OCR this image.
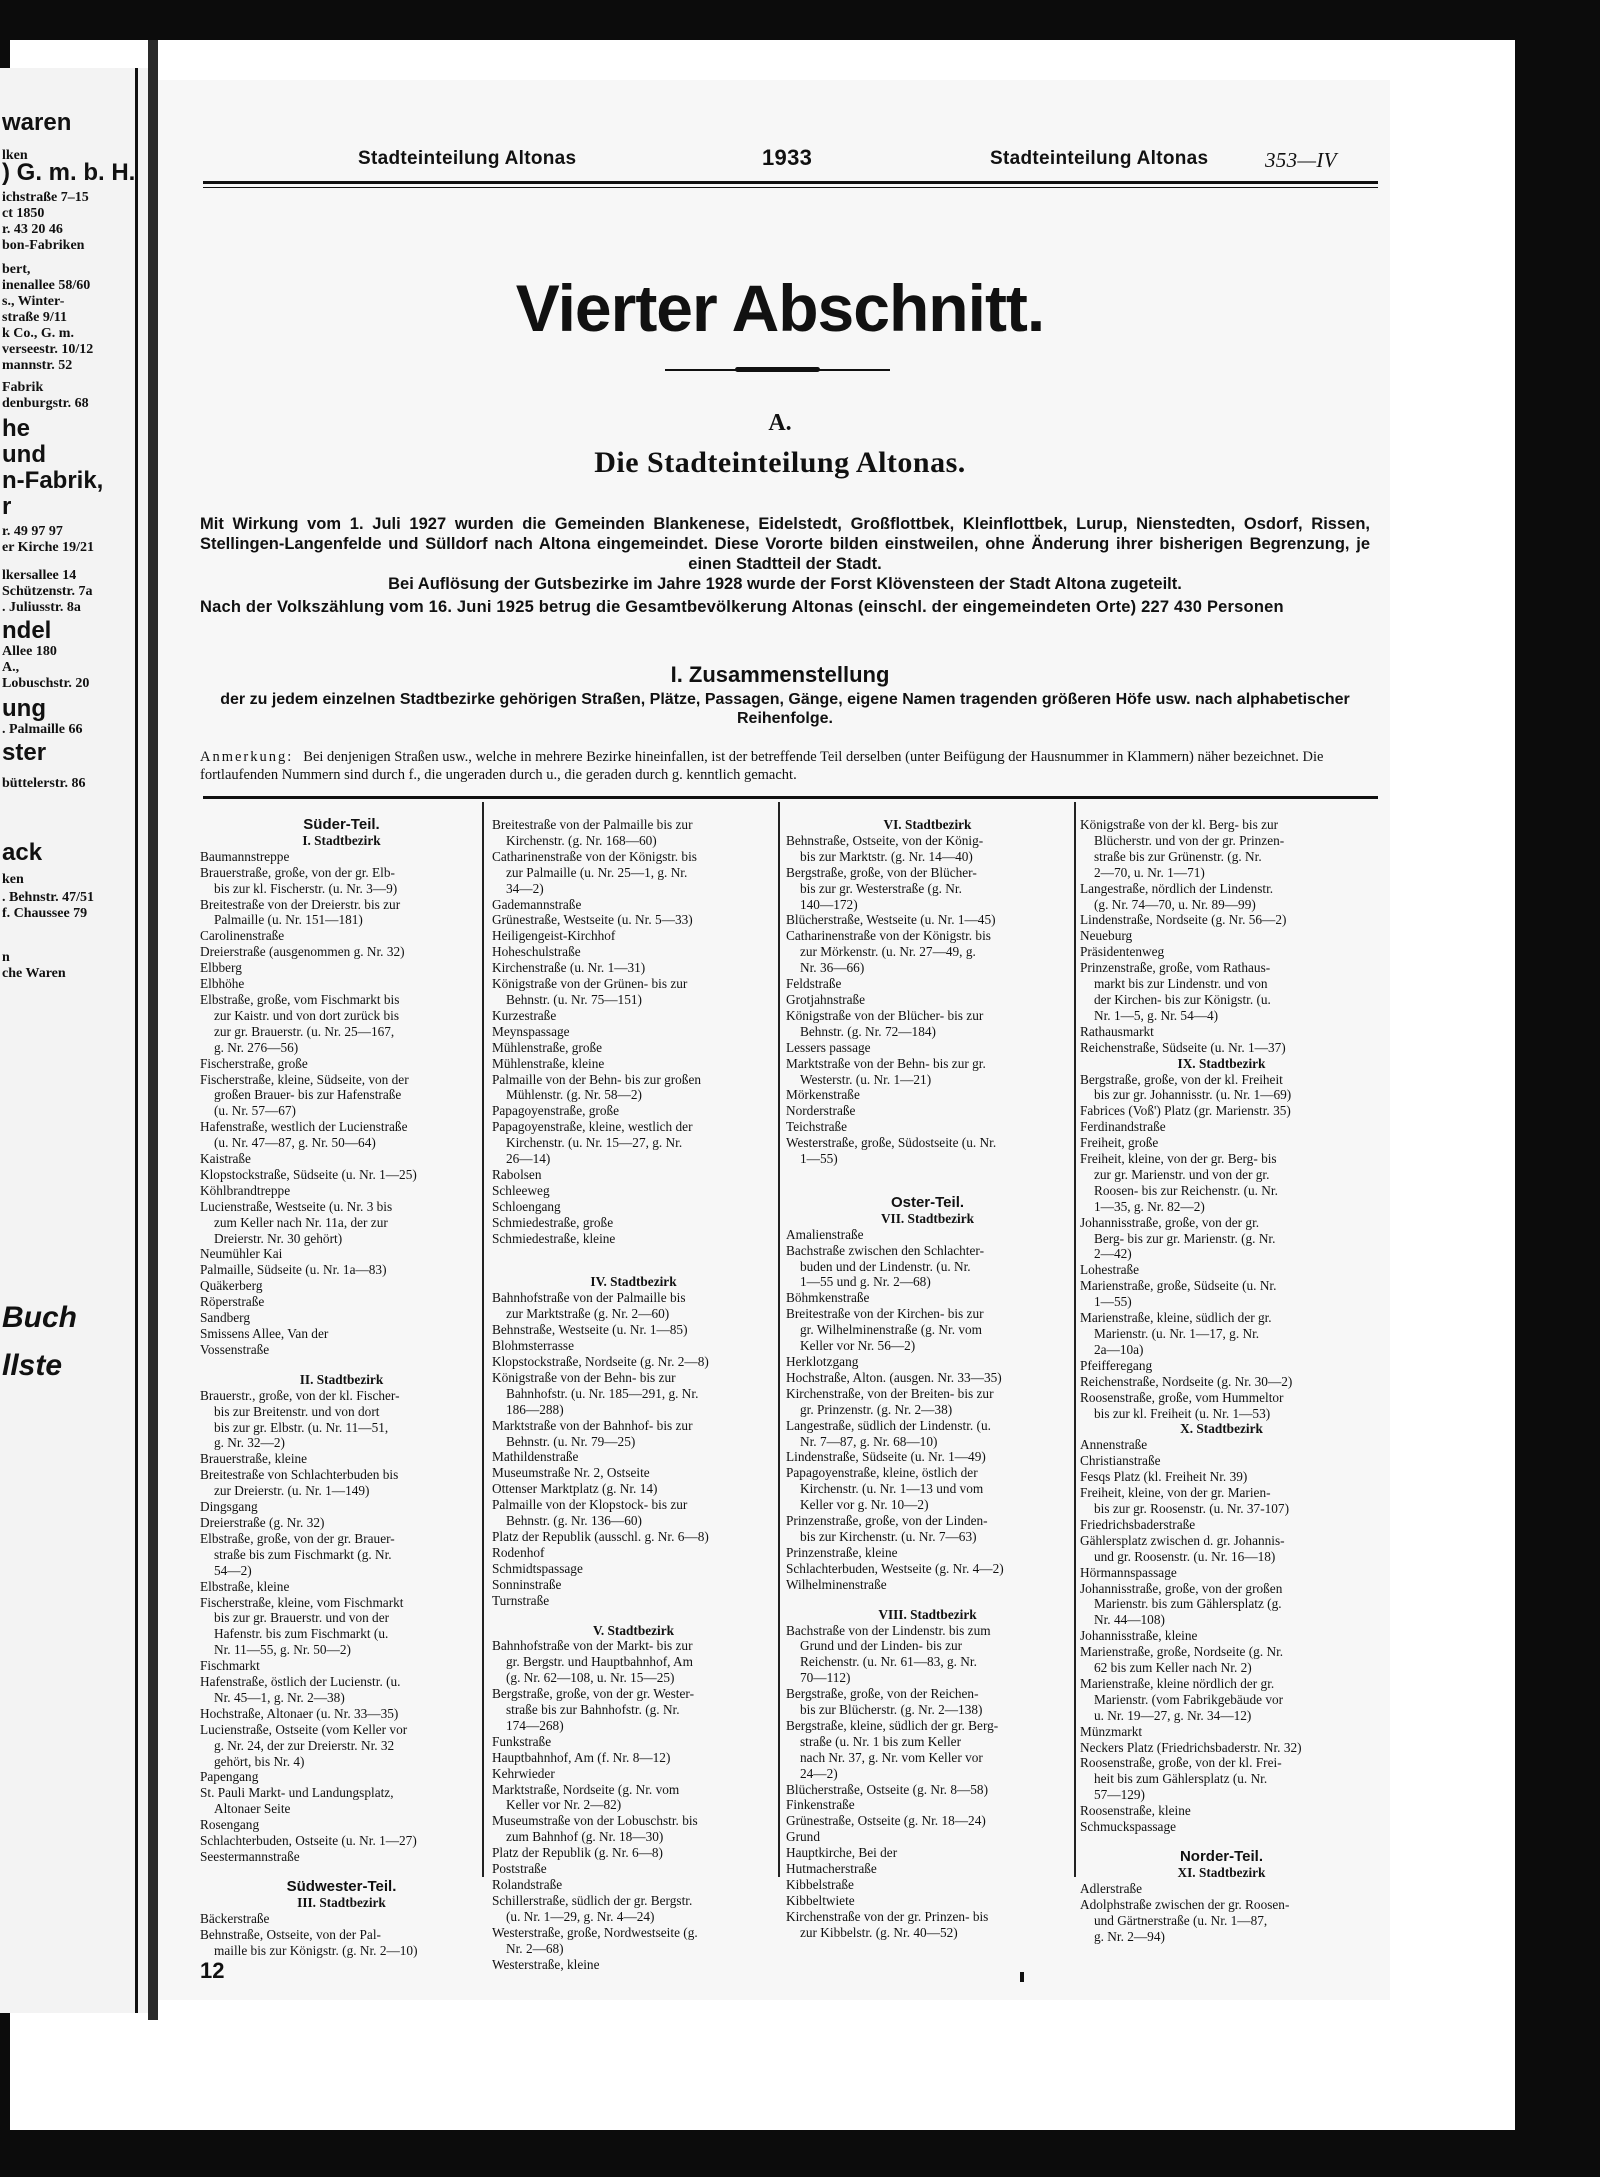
waren
lken
) G. m. b. H.
ichstraße 7–15
ct 1850
r. 43 20 46
bon-Fabriken
bert,
inenallee 58/60
s., Winter-
straße 9/11
k Co., G. m.
verseestr. 10/12
mannstr. 52
Fabrik
denburgstr. 68
he
und
n-Fabrik,
r
r. 49 97 97
er Kirche 19/21
lkersallee 14
Schützenstr. 7a
. Juliusstr. 8a
ndel
Allee 180
A.,
Lobuschstr. 20
ung
. Palmaille 66
ster
büttelerstr. 86
ack
ken
. Behnstr. 47/51
f. Chaussee 79
n
che Waren
Buch
llste
Stadteinteilung Altonas	1933	Stadteinteilung Altonas	353—IV
Vierter Abschnitt.
A.
Die Stadteinteilung Altonas.
Mit Wirkung vom 1. Juli 1927 wurden die Gemeinden Blankenese, Eidelstedt, Großflottbek, Kleinflottbek, Lurup, Nienstedten, Osdorf, Rissen, Stellingen-Langenfelde und Sülldorf nach Altona eingemeindet. Diese Vororte bilden einstweilen, ohne Änderung ihrer bisherigen Begrenzung, je einen Stadtteil der Stadt.
Bei Auflösung der Gutsbezirke im Jahre 1928 wurde der Forst Klövensteen der Stadt Altona zugeteilt.
Nach der Volkszählung vom 16. Juni 1925 betrug die Gesamtbevölkerung Altonas (einschl. der eingemeindeten Orte) 227 430 Personen
I. Zusammenstellung
der zu jedem einzelnen Stadtbezirke gehörigen Straßen, Plätze, Passagen, Gänge, eigene Namen tragenden größeren Höfe usw. nach alphabetischer Reihenfolge.
Anmerkung: Bei denjenigen Straßen usw., welche in mehrere Bezirke hineinfallen, ist der betreffende Teil derselben (unter Beifügung der Hausnummer in Klammern) näher bezeichnet. Die fortlaufenden Nummern sind durch f., die ungeraden durch u., die geraden durch g. kenntlich gemacht.
Süder-Teil.
I. Stadtbezirk
Baumannstreppe
Brauerstraße, große, von der gr. Elb-
bis zur kl. Fischerstr. (u. Nr. 3—9)
Breitestraße von der Dreierstr. bis zur
Palmaille (u. Nr. 151—181)
Carolinenstraße
Dreierstraße (ausgenommen g. Nr. 32)
Elbberg
Elbhöhe
Elbstraße, große, vom Fischmarkt bis
zur Kaistr. und von dort zurück bis
zur gr. Brauerstr. (u. Nr. 25—167,
g. Nr. 276—56)
Fischerstraße, große
Fischerstraße, kleine, Südseite, von der
großen Brauer- bis zur Hafenstraße
(u. Nr. 57—67)
Hafenstraße, westlich der Lucienstraße
(u. Nr. 47—87, g. Nr. 50—64)
Kaistraße
Klopstockstraße, Südseite (u. Nr. 1—25)
Köhlbrandtreppe
Lucienstraße, Westseite (u. Nr. 3 bis
zum Keller nach Nr. 11a, der zur
Dreierstr. Nr. 30 gehört)
Neumühler Kai
Palmaille, Südseite (u. Nr. 1a—83)
Quäkerberg
Röperstraße
Sandberg
Smissens Allee, Van der
Vossenstraße
II. Stadtbezirk
Brauerstr., große, von der kl. Fischer-
bis zur Breitenstr. und von dort
bis zur gr. Elbstr. (u. Nr. 11—51,
g. Nr. 32—2)
Brauerstraße, kleine
Breitestraße von Schlachterbuden bis
zur Dreierstr. (u. Nr. 1—149)
Dingsgang
Dreierstraße (g. Nr. 32)
Elbstraße, große, von der gr. Brauer-
straße bis zum Fischmarkt (g. Nr.
54—2)
Elbstraße, kleine
Fischerstraße, kleine, vom Fischmarkt
bis zur gr. Brauerstr. und von der
Hafenstr. bis zum Fischmarkt (u.
Nr. 11—55, g. Nr. 50—2)
Fischmarkt
Hafenstraße, östlich der Lucienstr. (u.
Nr. 45—1, g. Nr. 2—38)
Hochstraße, Altonaer (u. Nr. 33—35)
Lucienstraße, Ostseite (vom Keller vor
g. Nr. 24, der zur Dreierstr. Nr. 32
gehört, bis Nr. 4)
Papengang
St. Pauli Markt- und Landungsplatz,
Altonaer Seite
Rosengang
Schlachterbuden, Ostseite (u. Nr. 1—27)
Seestermannstraße
Südwester-Teil.
III. Stadtbezirk
Bäckerstraße
Behnstraße, Ostseite, von der Pal-
maille bis zur Königstr. (g. Nr. 2—10)
12
Breitestraße von der Palmaille bis zur
Kirchenstr. (g. Nr. 168—60)
Catharinenstraße von der Königstr. bis
zur Palmaille (u. Nr. 25—1, g. Nr.
34—2)
Gademannstraße
Grünestraße, Westseite (u. Nr. 5—33)
Heiligengeist-Kirchhof
Hoheschulstraße
Kirchenstraße (u. Nr. 1—31)
Königstraße von der Grünen- bis zur
Behnstr. (u. Nr. 75—151)
Kurzestraße
Meynspassage
Mühlenstraße, große
Mühlenstraße, kleine
Palmaille von der Behn- bis zur großen
Mühlenstr. (g. Nr. 58—2)
Papagoyenstraße, große
Papagoyenstraße, kleine, westlich der
Kirchenstr. (u. Nr. 15—27, g. Nr.
26—14)
Rabolsen
Schleeweg
Schloengang
Schmiedestraße, große
Schmiedestraße, kleine
IV. Stadtbezirk
Bahnhofstraße von der Palmaille bis
zur Marktstraße (g. Nr. 2—60)
Behnstraße, Westseite (u. Nr. 1—85)
Blohmsterrasse
Klopstockstraße, Nordseite (g. Nr. 2—8)
Königstraße von der Behn- bis zur
Bahnhofstr. (u. Nr. 185—291, g. Nr.
186—288)
Marktstraße von der Bahnhof- bis zur
Behnstr. (u. Nr. 79—25)
Mathildenstraße
Museumstraße Nr. 2, Ostseite
Ottenser Marktplatz (g. Nr. 14)
Palmaille von der Klopstock- bis zur
Behnstr. (g. Nr. 136—60)
Platz der Republik (ausschl. g. Nr. 6—8)
Rodenhof
Schmidtspassage
Sonninstraße
Turnstraße
V. Stadtbezirk
Bahnhofstraße von der Markt- bis zur
gr. Bergstr. und Hauptbahnhof, Am
(g. Nr. 62—108, u. Nr. 15—25)
Bergstraße, große, von der gr. Wester-
straße bis zur Bahnhofstr. (g. Nr.
174—268)
Funkstraße
Hauptbahnhof, Am (f. Nr. 8—12)
Kehrwieder
Marktstraße, Nordseite (g. Nr. vom
Keller vor Nr. 2—82)
Museumstraße von der Lobuschstr. bis
zum Bahnhof (g. Nr. 18—30)
Platz der Republik (g. Nr. 6—8)
Poststraße
Rolandstraße
Schillerstraße, südlich der gr. Bergstr.
(u. Nr. 1—29, g. Nr. 4—24)
Westerstraße, große, Nordwestseite (g.
Nr. 2—68)
Westerstraße, kleine
VI. Stadtbezirk
Behnstraße, Ostseite, von der König-
bis zur Marktstr. (g. Nr. 14—40)
Bergstraße, große, von der Blücher-
bis zur gr. Westerstraße (g. Nr.
140—172)
Blücherstraße, Westseite (u. Nr. 1—45)
Catharinenstraße von der Königstr. bis
zur Mörkenstr. (u. Nr. 27—49, g.
Nr. 36—66)
Feldstraße
Grotjahnstraße
Königstraße von der Blücher- bis zur
Behnstr. (g. Nr. 72—184)
Lessers passage
Marktstraße von der Behn- bis zur gr.
Westerstr. (u. Nr. 1—21)
Mörkenstraße
Norderstraße
Teichstraße
Westerstraße, große, Südostseite (u. Nr.
1—55)
Oster-Teil.
VII. Stadtbezirk
Amalienstraße
Bachstraße zwischen den Schlachter-
buden und der Lindenstr. (u. Nr.
1—55 und g. Nr. 2—68)
Böhmkenstraße
Breitestraße von der Kirchen- bis zur
gr. Wilhelminenstraße (g. Nr. vom
Keller vor Nr. 56—2)
Herklotzgang
Hochstraße, Alton. (ausgen. Nr. 33—35)
Kirchenstraße, von der Breiten- bis zur
gr. Prinzenstr. (g. Nr. 2—38)
Langestraße, südlich der Lindenstr. (u.
Nr. 7—87, g. Nr. 68—10)
Lindenstraße, Südseite (u. Nr. 1—49)
Papagoyenstraße, kleine, östlich der
Kirchenstr. (u. Nr. 1—13 und vom
Keller vor g. Nr. 10—2)
Prinzenstraße, große, von der Linden-
bis zur Kirchenstr. (u. Nr. 7—63)
Prinzenstraße, kleine
Schlachterbuden, Westseite (g. Nr. 4—2)
Wilhelminenstraße
VIII. Stadtbezirk
Bachstraße von der Lindenstr. bis zum
Grund und der Linden- bis zur
Reichenstr. (u. Nr. 61—83, g. Nr.
70—112)
Bergstraße, große, von der Reichen-
bis zur Blücherstr. (g. Nr. 2—138)
Bergstraße, kleine, südlich der gr. Berg-
straße (u. Nr. 1 bis zum Keller
nach Nr. 37, g. Nr. vom Keller vor
24—2)
Blücherstraße, Ostseite (g. Nr. 8—58)
Finkenstraße
Grünestraße, Ostseite (g. Nr. 18—24)
Grund
Hauptkirche, Bei der
Hutmacherstraße
Kibbelstraße
Kibbeltwiete
Kirchenstraße von der gr. Prinzen- bis
zur Kibbelstr. (g. Nr. 40—52)
Königstraße von der kl. Berg- bis zur
Blücherstr. und von der gr. Prinzen-
straße bis zur Grünenstr. (g. Nr.
2—70, u. Nr. 1—71)
Langestraße, nördlich der Lindenstr.
(g. Nr. 74—70, u. Nr. 89—99)
Lindenstraße, Nordseite (g. Nr. 56—2)
Neueburg
Präsidentenweg
Prinzenstraße, große, vom Rathaus-
markt bis zur Lindenstr. und von
der Kirchen- bis zur Königstr. (u.
Nr. 1—5, g. Nr. 54—4)
Rathausmarkt
Reichenstraße, Südseite (u. Nr. 1—37)
IX. Stadtbezirk
Bergstraße, große, von der kl. Freiheit
bis zur gr. Johannisstr. (u. Nr. 1—69)
Fabrices (Voß') Platz (gr. Marienstr. 35)
Ferdinandstraße
Freiheit, große
Freiheit, kleine, von der gr. Berg- bis
zur gr. Marienstr. und von der gr.
Roosen- bis zur Reichenstr. (u. Nr.
1—35, g. Nr. 82—2)
Johannisstraße, große, von der gr.
Berg- bis zur gr. Marienstr. (g. Nr.
2—42)
Lohestraße
Marienstraße, große, Südseite (u. Nr.
1—55)
Marienstraße, kleine, südlich der gr.
Marienstr. (u. Nr. 1—17, g. Nr.
2a—10a)
Pfeifferegang
Reichenstraße, Nordseite (g. Nr. 30—2)
Roosenstraße, große, vom Hummeltor
bis zur kl. Freiheit (u. Nr. 1—53)
X. Stadtbezirk
Annenstraße
Christianstraße
Fesqs Platz (kl. Freiheit Nr. 39)
Freiheit, kleine, von der gr. Marien-
bis zur gr. Roosenstr. (u. Nr. 37-107)
Friedrichsbaderstraße
Gählersplatz zwischen d. gr. Johannis-
und gr. Roosenstr. (u. Nr. 16—18)
Hörmannspassage
Johannisstraße, große, von der großen
Marienstr. bis zum Gählersplatz (g.
Nr. 44—108)
Johannisstraße, kleine
Marienstraße, große, Nordseite (g. Nr.
62 bis zum Keller nach Nr. 2)
Marienstraße, kleine nördlich der gr.
Marienstr. (vom Fabrikgebäude vor
u. Nr. 19—27, g. Nr. 34—12)
Münzmarkt
Neckers Platz (Friedrichsbaderstr. Nr. 32)
Roosenstraße, große, von der kl. Frei-
heit bis zum Gählersplatz (u. Nr.
57—129)
Roosenstraße, kleine
Schmuckspassage
Norder-Teil.
XI. Stadtbezirk
Adlerstraße
Adolphstraße zwischen der gr. Roosen-
und Gärtnerstraße (u. Nr. 1—87,
g. Nr. 2—94)
